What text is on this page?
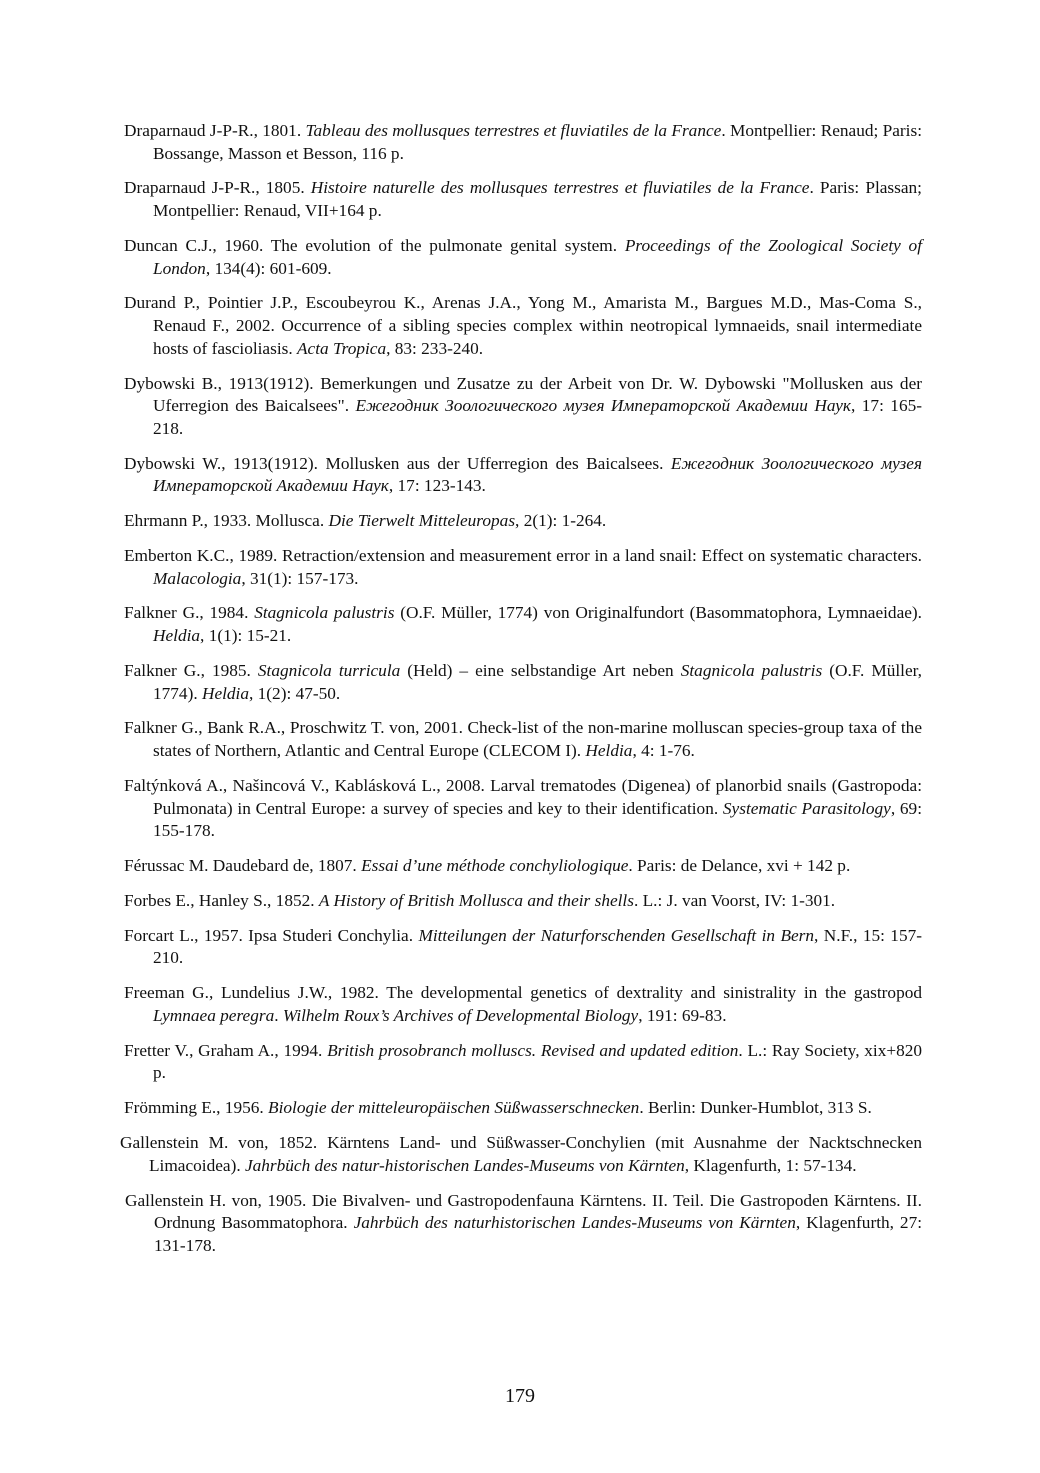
Draparnaud J-P-R., 1801. Tableau des mollusques terrestres et fluviatiles de la France. Montpellier: Renaud; Paris: Bossange, Masson et Besson, 116 p.

Draparnaud J-P-R., 1805. Histoire naturelle des mollusques terrestres et fluviatiles de la France. Paris: Plassan; Montpellier: Renaud, VII+164 p.

Duncan C.J., 1960. The evolution of the pulmonate genital system. Proceedings of the Zoological Society of London, 134(4): 601-609.

Durand P., Pointier J.P., Escoubeyrou K., Arenas J.A., Yong M., Amarista M., Bargues M.D., Mas-Coma S., Renaud F., 2002. Occurrence of a sibling species complex within neotropical lymnaeids, snail intermediate hosts of fascioliasis. Acta Tropica, 83: 233-240.

Dybowski B., 1913(1912). Bemerkungen und Zusatze zu der Arbeit von Dr. W. Dybowski "Mollusken aus der Uferregion des Baicalsees". Ежегодник Зоологического музея Императорской Академии Наук, 17: 165-218.

Dybowski W., 1913(1912). Mollusken aus der Ufferregion des Baicalsees. Ежегодник Зоологического музея Императорской Академии Наук, 17: 123-143.

Ehrmann P., 1933. Mollusca. Die Tierwelt Mitteleuropas, 2(1): 1-264.

Emberton K.C., 1989. Retraction/extension and measurement error in a land snail: Effect on systematic characters. Malacologia, 31(1): 157-173.

Falkner G., 1984. Stagnicola palustris (O.F. Müller, 1774) von Originalfundort (Basommatophora, Lymnaeidae). Heldia, 1(1): 15-21.

Falkner G., 1985. Stagnicola turricula (Held) – eine selbstandige Art neben Stagnicola palustris (O.F. Müller, 1774). Heldia, 1(2): 47-50.

Falkner G., Bank R.A., Proschwitz T. von, 2001. Check-list of the non-marine molluscan species-group taxa of the states of Northern, Atlantic and Central Europe (CLECOM I). Heldia, 4: 1-76.

Faltýnková A., Našincová V., Kablásková L., 2008. Larval trematodes (Digenea) of planorbid snails (Gastropoda: Pulmonata) in Central Europe: a survey of species and key to their identification. Systematic Parasitology, 69: 155-178.

Férussac M. Daudebard de, 1807. Essai d’une méthode conchyliologique. Paris: de Delance, xvi + 142 p.

Forbes E., Hanley S., 1852. A History of British Mollusca and their shells. L.: J. van Voorst, IV: 1-301.

Forcart L., 1957. Ipsa Studeri Conchylia. Mitteilungen der Naturforschenden Gesellschaft in Bern, N.F., 15: 157-210.

Freeman G., Lundelius J.W., 1982. The developmental genetics of dextrality and sinistrality in the gastropod Lymnaea peregra. Wilhelm Roux’s Archives of Developmental Biology, 191: 69-83.

Fretter V., Graham A., 1994. British prosobranch molluscs. Revised and updated edition. L.: Ray Society, xix+820 p.

Frömming E., 1956. Biologie der mitteleuropäischen Süßwasserschnecken. Berlin: Dunker-Humblot, 313 S.

Gallenstein M. von, 1852. Kärntens Land- und Süßwasser-Conchylien (mit Ausnahme der Nacktschnecken Limacoidea). Jahrbüch des natur-historischen Landes-Museums von Kärnten, Klagenfurth, 1: 57-134.

Gallenstein H. von, 1905. Die Bivalven- und Gastropodenfauna Kärntens. II. Teil. Die Gastropoden Kärntens. II. Ordnung Basommatophora. Jahrbüch des naturhistorischen Landes-Museums von Kärnten, Klagenfurth, 27: 131-178.

179
